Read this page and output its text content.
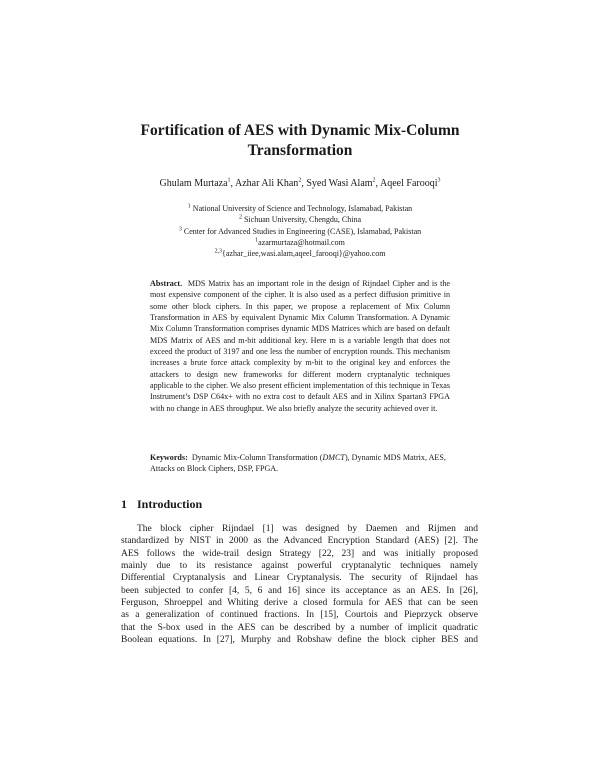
Fortification of AES with Dynamic Mix-Column
Transformation
Ghulam Murtaza$^1$, Azhar Ali Khan$^2$, Syed Wasi Alam$^2$, Aqeel Farooqi$^3$
$^1$ National University of Science and Technology, Islamabad, Pakistan
$^2$ Sichuan University, Chengdu, China
$^3$ Center for Advanced Studies in Engineering (CASE), Islamabad, Pakistan
$^1$azarmurtaza@hotmail.com
$^{2,3}${azhar_iiee,wasi.alam,aqeel_farooqi}@yahoo.com
Abstract. MDS Matrix has an important role in the design of Rijndael Cipher and is the most expensive component of the cipher. It is also used as a perfect diffusion primitive in some other block ciphers. In this paper, we propose a replacement of Mix Column Transformation in AES by equivalent Dynamic Mix Column Transformation. A Dynamic Mix Column Transformation comprises dynamic MDS Matrices which are based on default MDS Matrix of AES and m-bit additional key. Here m is a variable length that does not exceed the product of 3197 and one less the number of encryption rounds. This mechanism increases a brute force attack complexity by m-bit to the original key and enforces the attackers to design new frameworks for different modern cryptanalytic techniques applicable to the cipher. We also present efficient implementation of this technique in Texas Instrument’s DSP C64x+ with no extra cost to default AES and in Xilinx Spartan3 FPGA with no change in AES throughput. We also briefly analyze the security achieved over it.
Keywords: Dynamic Mix-Column Transformation (DMCT), Dynamic MDS Matrix, AES, Attacks on Block Ciphers, DSP, FPGA.
1 Introduction
The block cipher Rijndael [1] was designed by Daemen and Rijmen and
standardized by NIST in 2000 as the Advanced Encryption Standard (AES) [2]. The
AES follows the wide-trail design Strategy [22, 23] and was initially proposed
mainly due to its resistance against powerful cryptanalytic techniques namely
Differential Cryptanalysis and Linear Cryptanalysis. The security of Rijndael has
been subjected to confer [4, 5, 6 and 16] since its acceptance as an AES. In [26],
Ferguson, Shroeppel and Whiting derive a closed formula for AES that can be seen
as a generalization of continued fractions. In [15], Courtois and Pieprzyck observe
that the S-box used in the AES can be described by a number of implicit quadratic
Boolean equations. In [27], Murphy and Robshaw define the block cipher BES and
